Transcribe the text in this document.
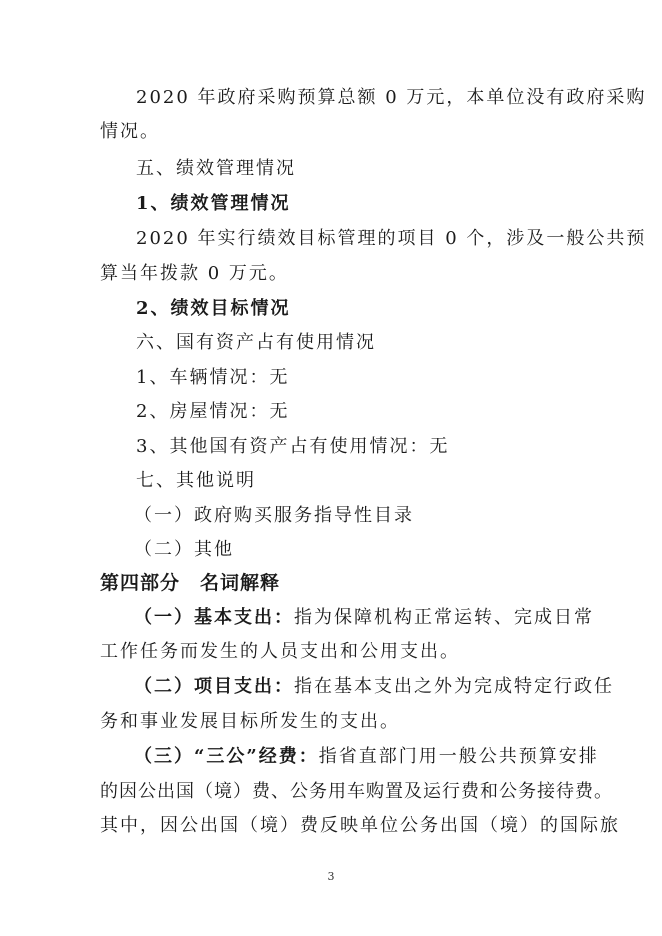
2020 年政府采购预算总额 0 万元，本单位没有政府采购
情况。
五、绩效管理情况
1、绩效管理情况
2020 年实行绩效目标管理的项目 0 个，涉及一般公共预
算当年拨款 0 万元。
2、绩效目标情况
六、国有资产占有使用情况
1、车辆情况：无
2、房屋情况：无
3、其他国有资产占有使用情况：无
七、其他说明
（一）政府购买服务指导性目录
（二）其他
第四部分　名词解释
（一）基本支出：指为保障机构正常运转、完成日常
工作任务而发生的人员支出和公用支出。
（二）项目支出：指在基本支出之外为完成特定行政任
务和事业发展目标所发生的支出。
（三）“三公”经费：指省直部门用一般公共预算安排
的因公出国（境）费、公务用车购置及运行费和公务接待费。
其中，因公出国（境）费反映单位公务出国（境）的国际旅
3
